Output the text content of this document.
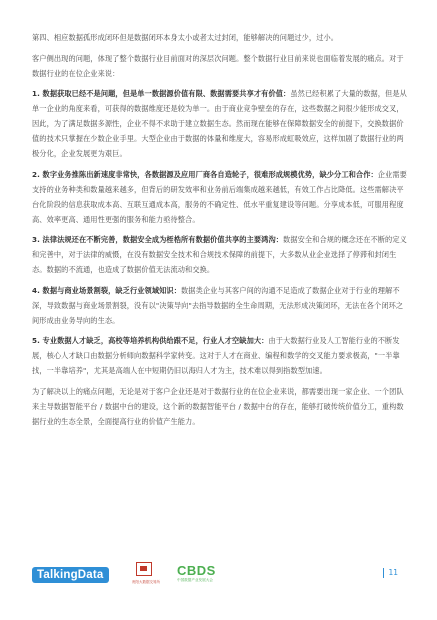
第四、相应数据孤形成闭环但是数据闭环本身太小或者太过封闭，能够解决的问题过少，过小。

客户侧出现的问题，体现了整个数据行业目前面对的深层次问题。整个数据行业目前来说也面临着发展的痛点。对于数据行业的在位企业来说：

1. 数据获取已经不是问题，但是单一数据源价值有限、数据需要共享才有价值：虽然已经积累了大量的数据，但是从单一企业的角度来看，可获得的数据维度还是较为单一。由于商业竞争壁垒的存在，这些数据之间很少能形成交叉，因此，为了满足数据多源性，企业不得不求助于建立数据生态。然而现在能够在保障数据安全的前提下，交换数据价值的技术只掌握在少数企业手里。大型企业由于数据的体量和维度大，容易形成虹吸效应，这样加剧了数据行业的两极分化，企业发展更为艰巨。

2. 数字业务推陈出新速度非常快，各数据源及应用厂商各自造轮子，很难形成规模优势，缺少分工和合作：企业需要支持的业务种类和数量越来越多，但背后的研发效率和业务前后端集成越来越低，有效工作占比降低。这些需解决平台化阶段的信息获取成本高、互联互通成本高，服务的不确定性、低水平重复建设等问题。分享成本低，可服用程度高、效率更高、通用性更强的服务和能力亟待整合。

3. 法律法规还在不断完善，数据安全成为桎梏所有数据价值共享的主要鸿沟：数据安全和合规的概念还在不断的定义和完善中，对于法律的威慑，在没有数据安全技术和合规技术保障的前提下，大多数从业企业选择了停滞和封闭生态。数据的不流通，也造成了数据价值无法流动和交换。

4. 数据与商业场景割裂，缺乏行业领域知识：数据类企业与其客户间的沟通不足造成了数据企业对于行业的理解不深，导致数据与商业场景割裂，没有以"决策导向"去指导数据的全生命周期，无法形成决策闭环，无法在各个闭环之间形成由业务导向的生态。

5. 专业数据人才缺乏，高校等培养机构供给跟不足，行业人才空缺加大：由于大数据行业及人工智能行业的不断发展，核心人才缺口由数据分析师向数据科学家转变。这对于人才在商业、编程和数学的交叉能力要求极高，"一半靠找，一半靠培养"，尤其是高端人在中短期仍旧以海归人才为主，技术难以得到指数型加速。

为了解决以上的痛点问题，无论是对于客户企业还是对于数据行业的在位企业来说，都需要出现一家企业、一个团队来主导数据智能平台 / 数据中台的建设，这个新的数据智能平台 / 数据中台的存在，能够打破传统价值分工，重构数据行业的生态全景，全面提高行业的价值产生能力。

TalkingData
贵阳大数据交易所
CBDS
中国数据产业发展大会
11
